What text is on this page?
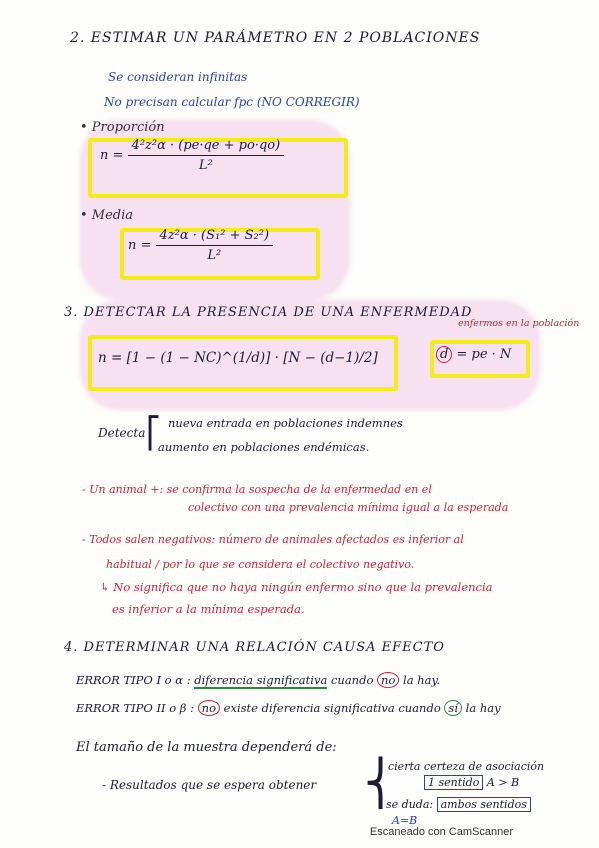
2. ESTIMAR UN PARÁMETRO EN 2 POBLACIONES
Se consideran infinitas
No precisan calcular fpc (NO CORREGIR)
• Proporción
$n = \frac{\text{4²z²α · (pe·qe + po·qo)}}{\text{L²}}$
• Media
$n = \frac{\text{4z²α · (S₁² + S₂²)}}{\text{L²}}$
3. DETECTAR LA PRESENCIA DE UNA ENFERMEDAD
n = [1 − (1 − NC)^(1/d)] · [N − (d−1)/2]	d = pe · N
enfermos en la población
Detecta ⎡ nueva entrada en poblaciones indemnes
aumento en poblaciones endémicas.
- Un animal +: se confirma la sospecha de la enfermedad en el
colectivo con una prevalencia mínima igual a la esperada
- Todos salen negativos: número de animales afectados es inferior al
habitual / por lo que se considera el colectivo negativo.
↳ No significa que no haya ningún enfermo sino que la prevalencia
es inferior a la mínima esperada.
4. DETERMINAR UNA RELACIÓN CAUSA EFECTO
ERROR TIPO I o α : diferencia significativa cuando no la hay.
ERROR TIPO II o β : no existe diferencia significativa cuando sí la hay
El tamaño de la muestra dependerá de:
- Resultados que se espera obtener ⎨
cierta certeza de asociación
1 sentido A > B
se duda: ambos sentidos
A=B
Escaneado con CamScanner
